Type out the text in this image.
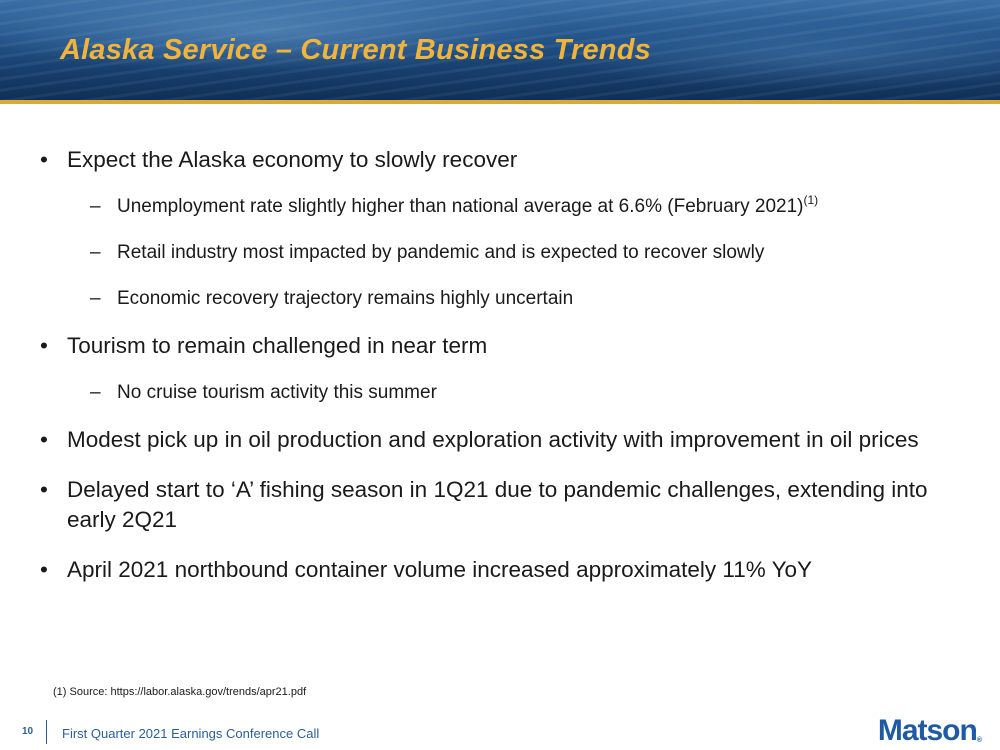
Alaska Service – Current Business Trends
• Expect the Alaska economy to slowly recover
– Unemployment rate slightly higher than national average at 6.6% (February 2021)$^{(1)}$
– Retail industry most impacted by pandemic and is expected to recover slowly
– Economic recovery trajectory remains highly uncertain
• Tourism to remain challenged in near term
– No cruise tourism activity this summer
• Modest pick up in oil production and exploration activity with improvement in oil prices
• Delayed start to ‘A’ fishing season in 1Q21 due to pandemic challenges, extending into early 2Q21
• April 2021 northbound container volume increased approximately 11% YoY
(1) Source: https://labor.alaska.gov/trends/apr21.pdf
10 First Quarter 2021 Earnings Conference Call	Matson®
